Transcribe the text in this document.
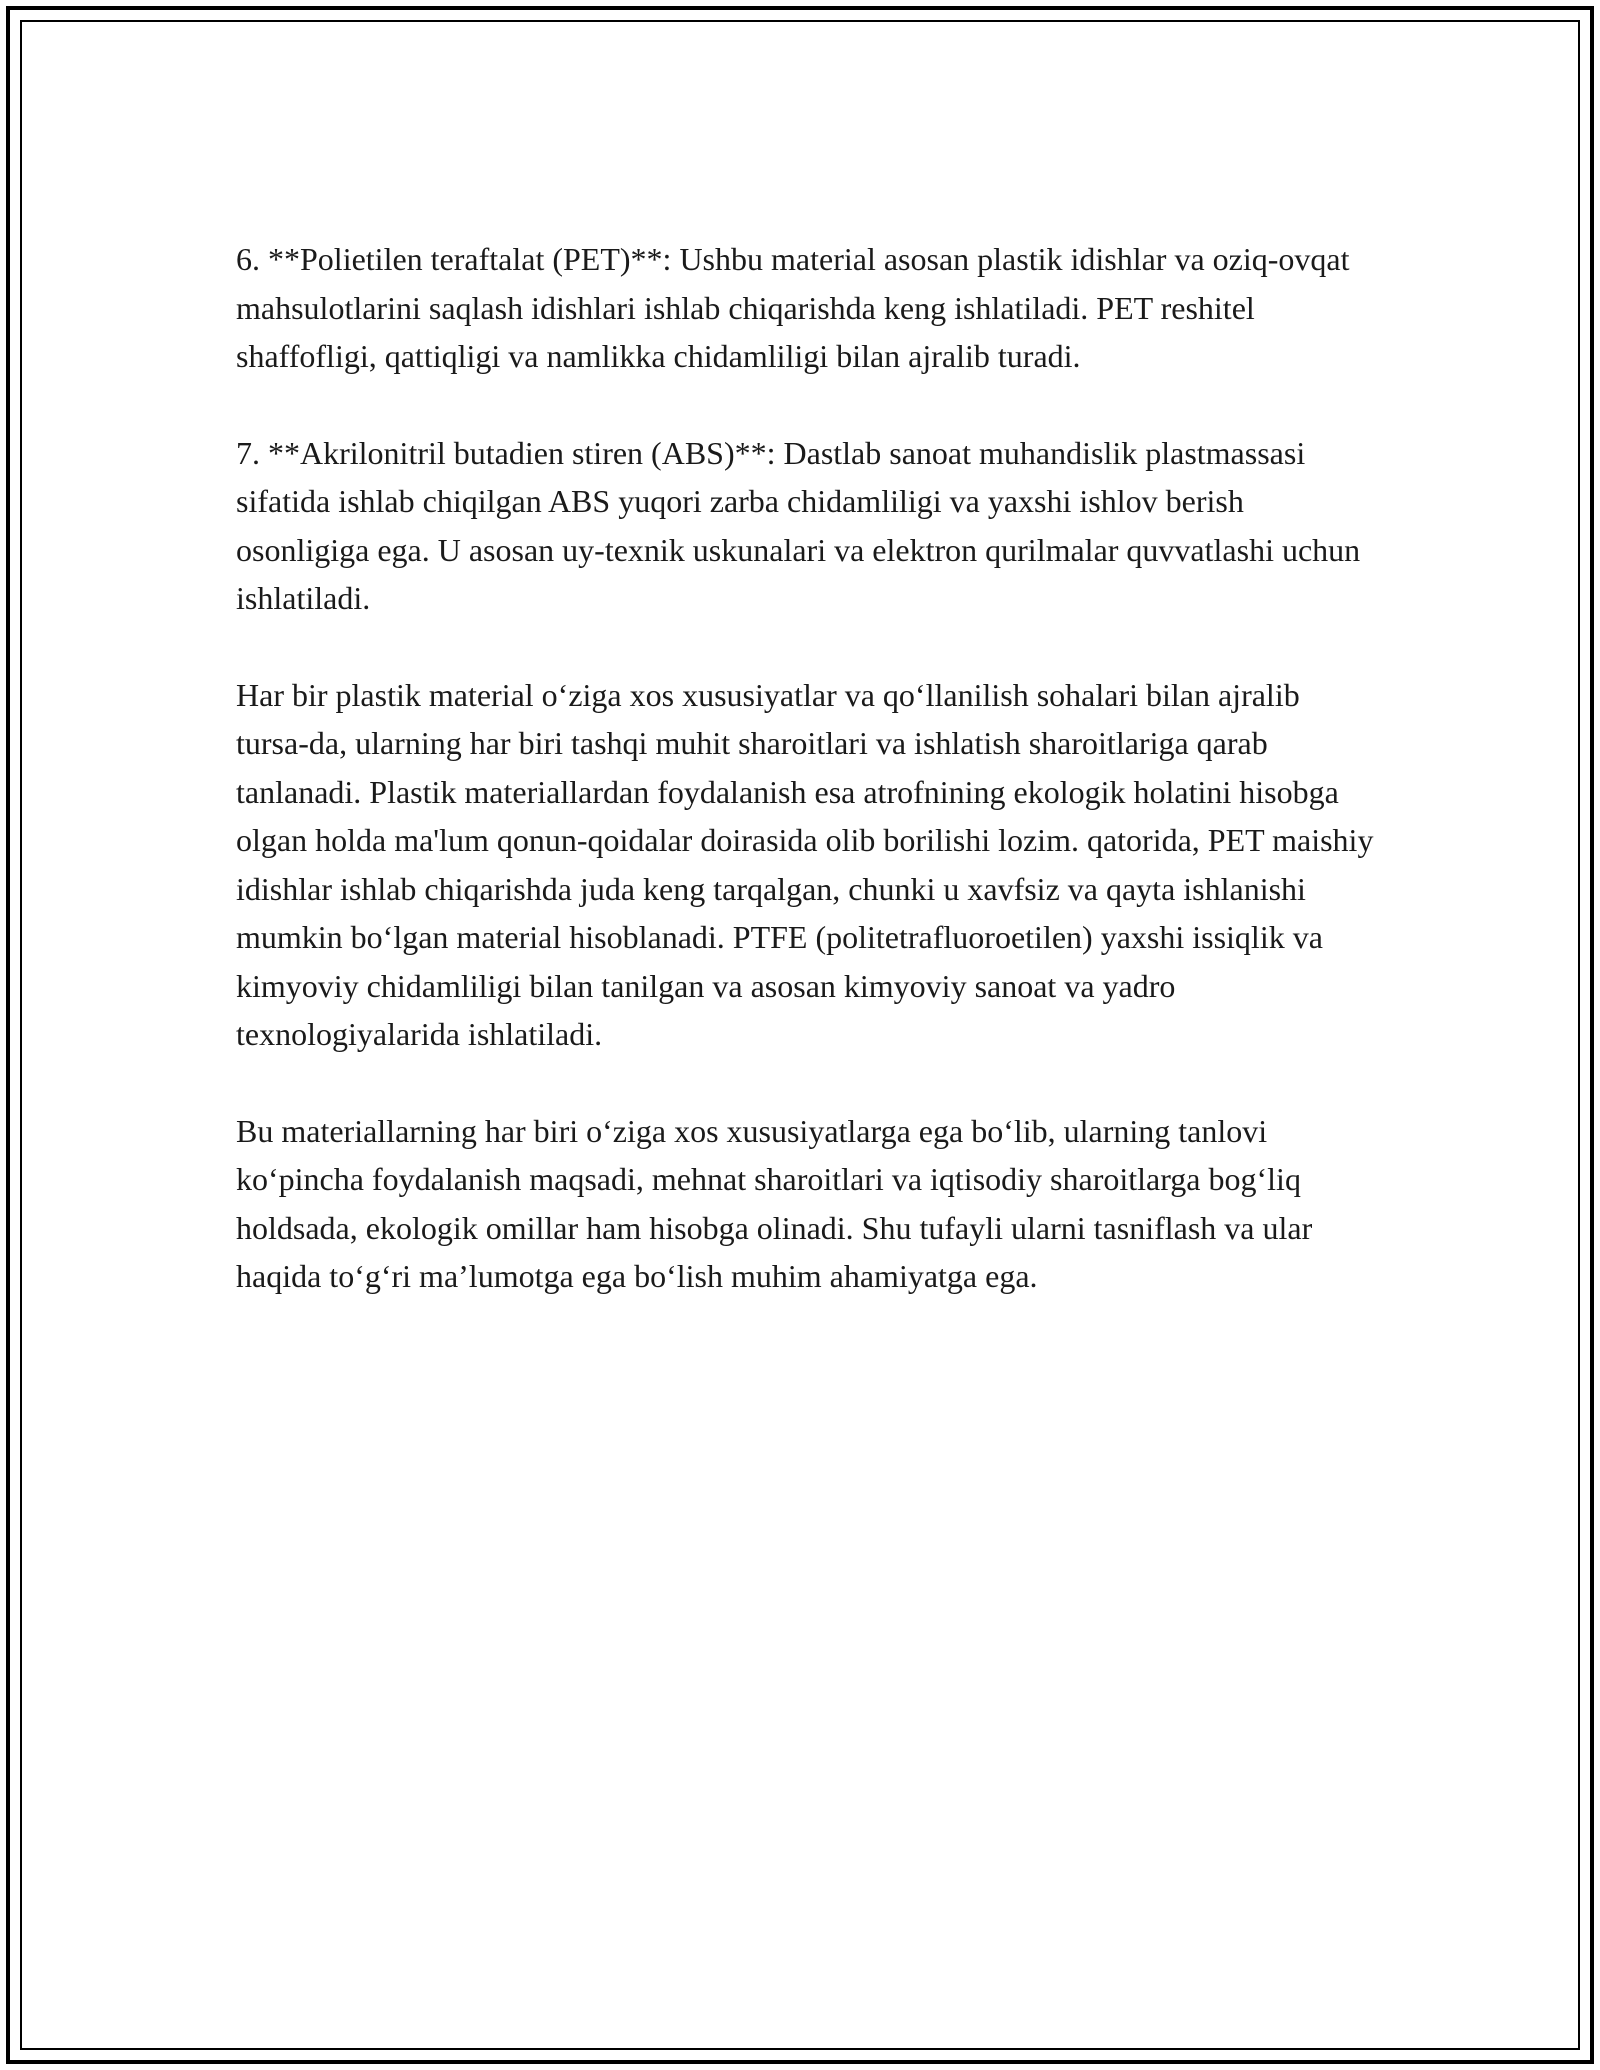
6. **Polietilen teraftalat (PET)**: Ushbu material asosan plastik idishlar va oziq-ovqat mahsulotlarini saqlash idishlari ishlab chiqarishda keng ishlatiladi. PET reshitel shaffofligi, qattiqligi va namlikka chidamliligi bilan ajralib turadi.

7. **Akrilonitril butadien stiren (ABS)**: Dastlab sanoat muhandislik plastmassasi sifatida ishlab chiqilgan ABS yuqori zarba chidamliligi va yaxshi ishlov berish osonligiga ega. U asosan uy-texnik uskunalari va elektron qurilmalar quvvatlashi uchun ishlatiladi.

Har bir plastik material o‘ziga xos xususiyatlar va qo‘llanilish sohalari bilan ajralib tursa-da, ularning har biri tashqi muhit sharoitlari va ishlatish sharoitlariga qarab tanlanadi. Plastik materiallardan foydalanish esa atrofnining ekologik holatini hisobga olgan holda ma'lum qonun-qoidalar doirasida olib borilishi lozim. qatorida, PET maishiy idishlar ishlab chiqarishda juda keng tarqalgan, chunki u xavfsiz va qayta ishlanishi mumkin bo‘lgan material hisoblanadi. PTFE (politetrafluoroetilen) yaxshi issiqlik va kimyoviy chidamliligi bilan tanilgan va asosan kimyoviy sanoat va yadro texnologiyalarida ishlatiladi.

Bu materiallarning har biri o‘ziga xos xususiyatlarga ega bo‘lib, ularning tanlovi ko‘pincha foydalanish maqsadi, mehnat sharoitlari va iqtisodiy sharoitlarga bog‘liq holdsada, ekologik omillar ham hisobga olinadi. Shu tufayli ularni tasniflash va ular haqida to‘g‘ri ma’lumotga ega bo‘lish muhim ahamiyatga ega.
